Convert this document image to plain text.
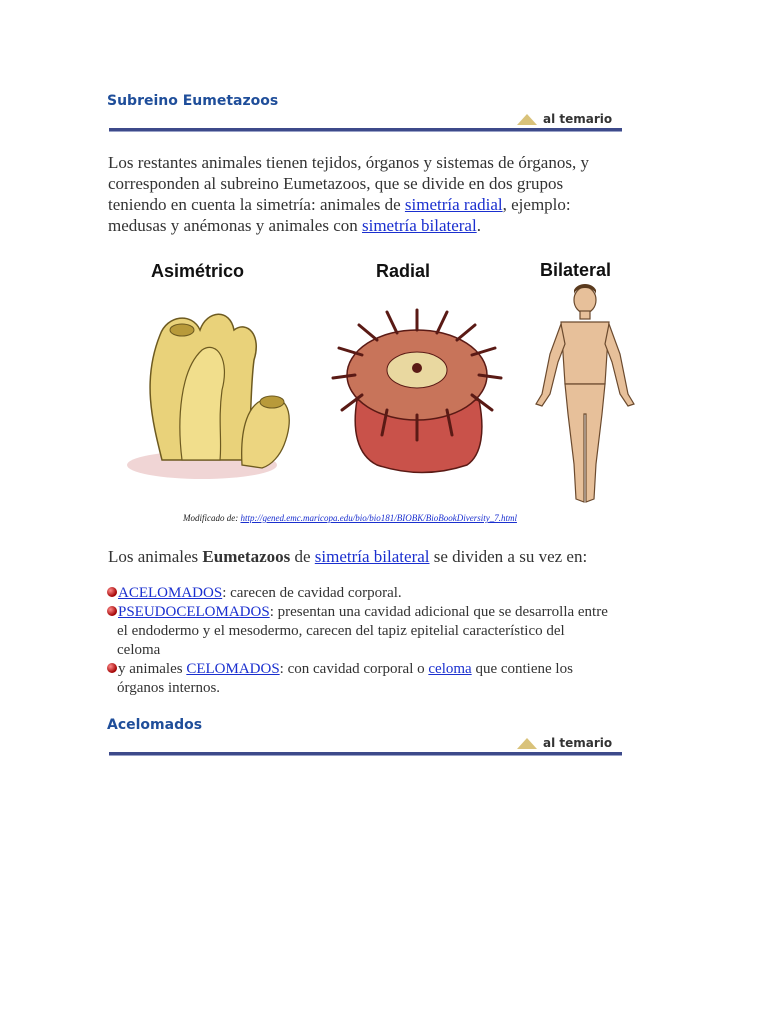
Subreino Eumetazoos
al temario
Los restantes animales tienen tejidos, órganos y sistemas de órganos, y
corresponden al subreino Eumetazoos, que se divide en dos grupos
teniendo en cuenta la simetría: animales de simetría radial, ejemplo:
medusas y anémonas y animales con simetría bilateral.
Asimétrico	Radial	Bilateral
Modificado de: http://gened.emc.maricopa.edu/bio/bio181/BIOBK/BioBookDiversity_7.html
Los animales Eumetazoos de simetría bilateral se dividen a su vez en:
ACELOMADOS: carecen de cavidad corporal.
PSEUDOCELOMADOS: presentan una cavidad adicional que se desarrolla entre
el endodermo y el mesodermo, carecen del tapiz epitelial característico del
celoma
y animales CELOMADOS: con cavidad corporal o celoma que contiene los
órganos internos.
Acelomados
al temario
